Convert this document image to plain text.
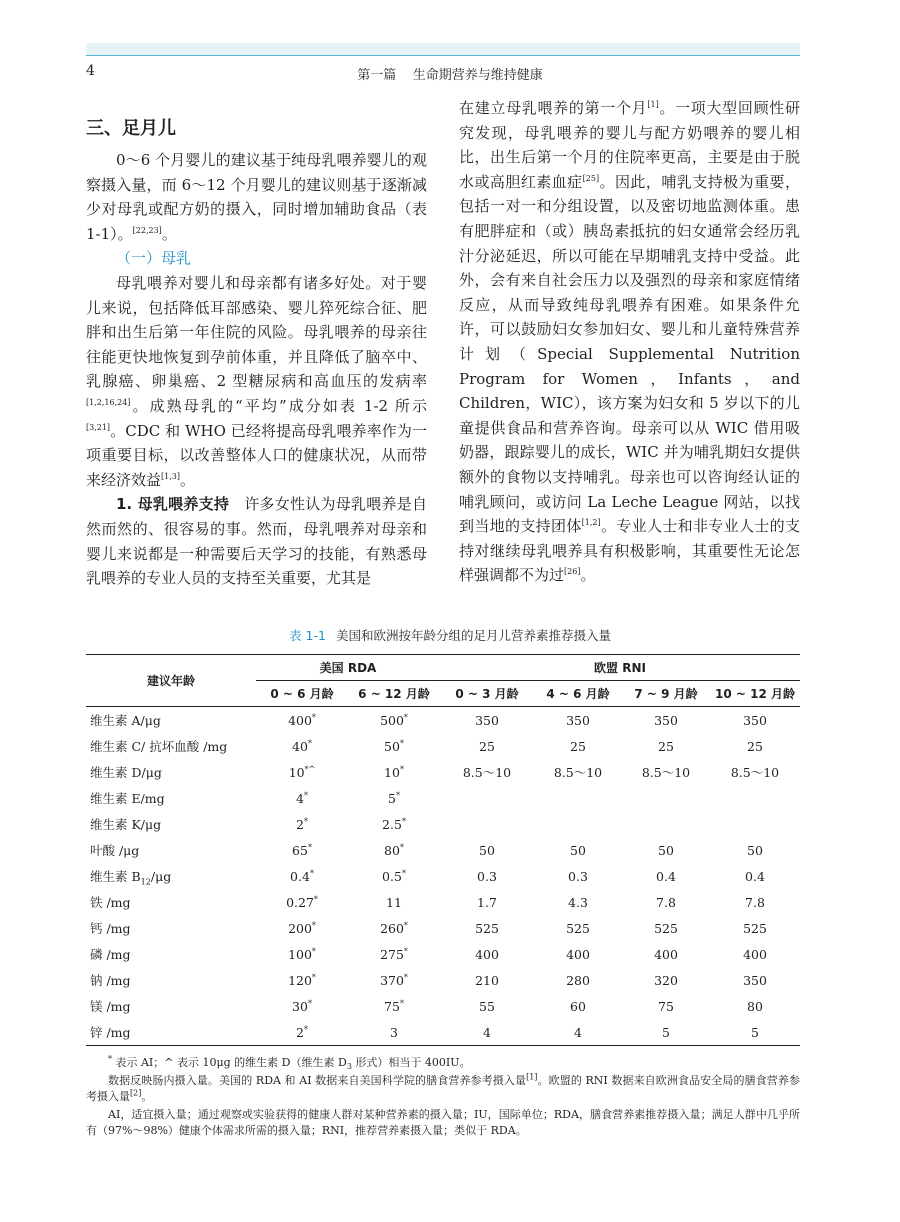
4	第一篇    生命期营养与维持健康
三、足月儿

0～6 个月婴儿的建议基于纯母乳喂养婴儿的观察摄入量，而 6～12 个月婴儿的建议则基于逐渐减少对母乳或配方奶的摄入，同时增加辅助食品（表 1-1）。[22,23]。

（一）母乳

母乳喂养对婴儿和母亲都有诸多好处。对于婴儿来说，包括降低耳部感染、婴儿猝死综合征、肥胖和出生后第一年住院的风险。母乳喂养的母亲往往能更快地恢复到孕前体重，并且降低了脑卒中、乳腺癌、卵巢癌、2 型糖尿病和高血压的发病率[1,2,16,24]。成熟母乳的“平均”成分如表 1-2 所示[3,21]。CDC 和 WHO 已经将提高母乳喂养率作为一项重要目标，以改善整体人口的健康状况，从而带来经济效益[1,3]。

1. 母乳喂养支持　 许多女性认为母乳喂养是自然而然的、很容易的事。然而，母乳喂养对母亲和婴儿来说都是一种需要后天学习的技能，有熟悉母乳喂养的专业人员的支持至关重要，尤其是

在建立母乳喂养的第一个月[1]。一项大型回顾性研究发现，母乳喂养的婴儿与配方奶喂养的婴儿相比，出生后第一个月的住院率更高，主要是由于脱水或高胆红素血症[25]。因此，哺乳支持极为重要，包括一对一和分组设置，以及密切地监测体重。患有肥胖症和（或）胰岛素抵抗的妇女通常会经历乳汁分泌延迟，所以可能在早期哺乳支持中受益。此外，会有来自社会压力以及强烈的母亲和家庭情绪反应，从而导致纯母乳喂养有困难。如果条件允许，可以鼓励妇女参加妇女、婴儿和儿童特殊营养计划（Special Supplemental Nutrition Program for Women，Infants，and Children，WIC），该方案为妇女和 5 岁以下的儿童提供食品和营养咨询。母亲可以从 WIC 借用吸奶器，跟踪婴儿的成长，WIC 并为哺乳期妇女提供额外的食物以支持哺乳。母亲也可以咨询经认证的哺乳顾问，或访问 La Leche League 网站，以找到当地的支持团体[1,2]。专业人士和非专业人士的支持对继续母乳喂养具有积极影响，其重要性无论怎样强调都不为过[26]。

表 1-1 美国和欧洲按年龄分组的足月儿营养素推荐摄入量
建议年龄	美国 RDA		欧盟 RNI			
	0 ~ 6 月龄	6 ~ 12 月龄	0 ~ 3 月龄	4 ~ 6 月龄	7 ~ 9 月龄	10 ~ 12 月龄
维生素 A/μg	400*	500*	350	350	350	350
维生素 C/ 抗坏血酸 /mg	40*	50*	25	25	25	25
维生素 D/μg	10*^	10*	8.5～10	8.5～10	8.5～10	8.5～10
维生素 E/mg	4*	5*				
维生素 K/μg	2*	2.5*				
叶酸 /μg	65*	80*	50	50	50	50
维生素 $B_{12}/\mu g$	0.4*	0.5*	0.3	0.3	0.4	0.4
铁 /mg	0.27*	11	1.7	4.3	7.8	7.8
钙 /mg	200*	260*	525	525	525	525
磷 /mg	100*	275*	400	400	400	400
钠 /mg	120*	370*	210	280	320	350
镁 /mg	30*	75*	55	60	75	80
锌 /mg	2*	3	4	4	5	5

* 表示 AI；^ 表示 10μg 的维生素 D（维生素 $D_3$ 形式）相当于 400IU。

数据反映肠内摄入量。美国的 RDA 和 AI 数据来自美国科学院的膳食营养参考摄入量[1]。欧盟的 RNI 数据来自欧洲食品安全局的膳食营养参考摄入量[2]。

AI，适宜摄入量；通过观察或实验获得的健康人群对某种营养素的摄入量；IU，国际单位；RDA，膳食营养素推荐摄入量；满足人群中几乎所有（97%～98%）健康个体需求所需的摄入量；RNI，推荐营养素摄入量；类似于 RDA。
